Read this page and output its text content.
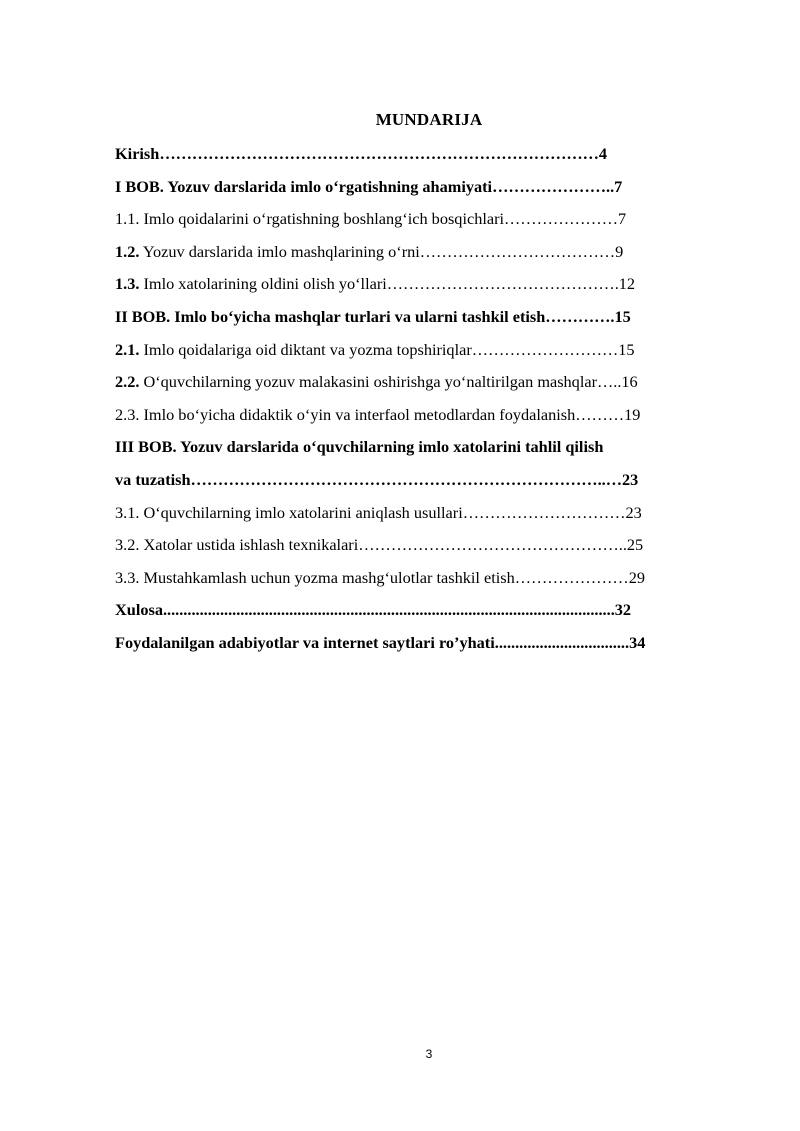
MUNDARIJA
Kirish………………………………………………………………………4
I BOB. Yozuv darslarida imlo o‘rgatishning ahamiyati…………………..7
1.1. Imlo qoidalarini o‘rgatishning boshlang‘ich bosqichlari…………………7
1.2. Yozuv darslarida imlo mashqlarining o‘rni………………………………9
1.3. Imlo xatolarining oldini olish yo‘llari…………………………………….12
II BOB. Imlo bo‘yicha mashqlar turlari va ularni tashkil etish………….15
2.1. Imlo qoidalariga oid diktant va yozma topshiriqlar………………………15
2.2. O‘quvchilarning yozuv malakasini oshirishga yo‘naltirilgan mashqlar…..16
2.3. Imlo bo‘yicha didaktik o‘yin va interfaol metodlardan foydalanish………19
III BOB. Yozuv darslarida o‘quvchilarning imlo xatolarini tahlil qilish
va tuzatish…………………………………………………………………..…23
3.1. O‘quvchilarning imlo xatolarini aniqlash usullari…………………………23
3.2. Xatolar ustida ishlash texnikalari…………………………………………..25
3.3. Mustahkamlash uchun yozma mashg‘ulotlar tashkil etish…………………29
Xulosa...............................................................................................................32
Foydalanilgan adabiyotlar va internet saytlari ro’yhati.................................34
3
